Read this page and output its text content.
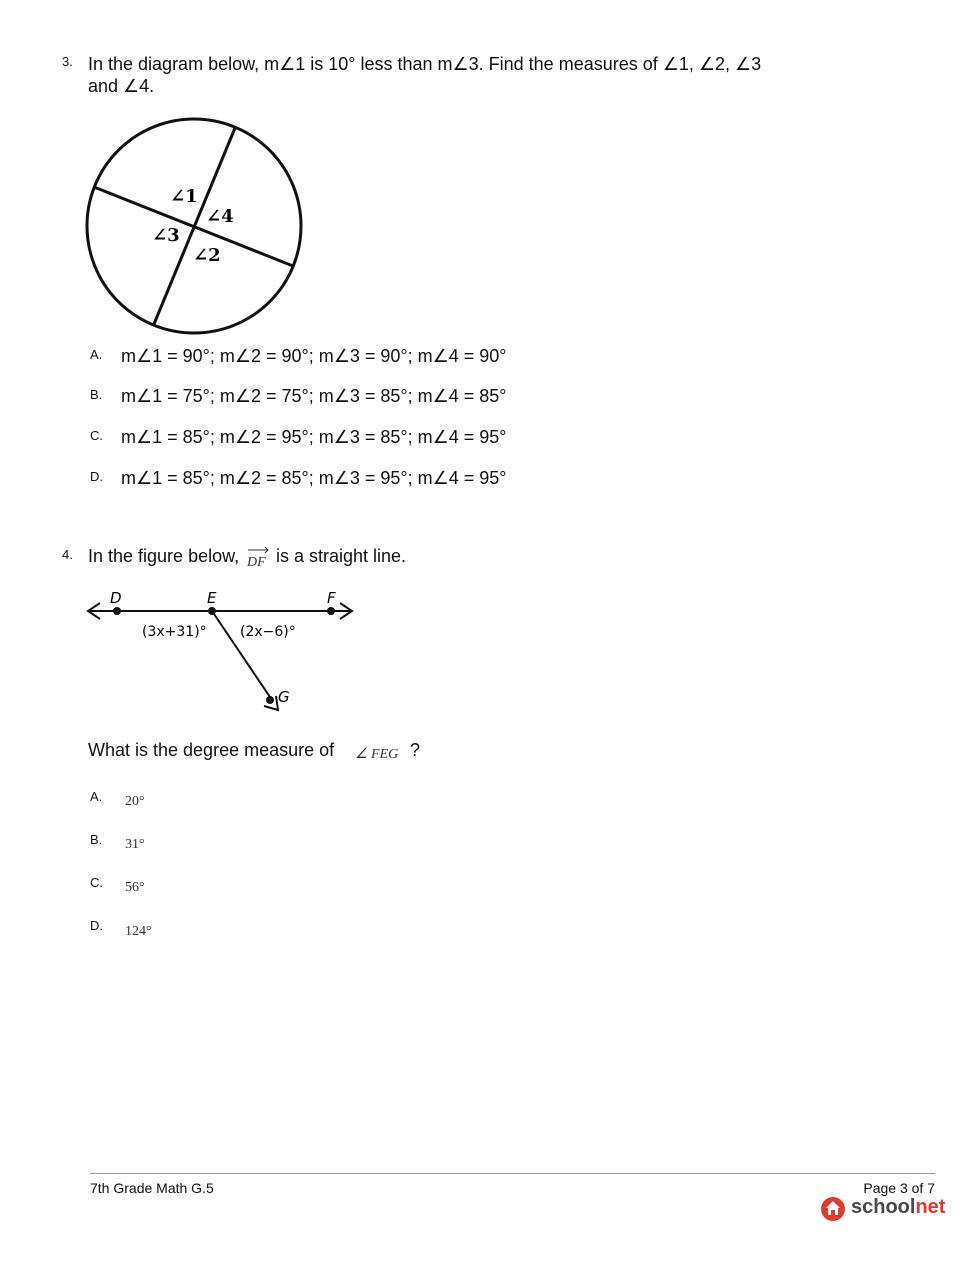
3. In the diagram below, m∠1 is 10° less than m∠3. Find the measures of ∠1, ∠2, ∠3
and ∠4.
∠1
∠4
∠3
∠2
A. m∠1 = 90°; m∠2 = 90°; m∠3 = 90°; m∠4 = 90°
B. m∠1 = 75°; m∠2 = 75°; m∠3 = 85°; m∠4 = 85°
C. m∠1 = 85°; m∠2 = 95°; m∠3 = 85°; m∠4 = 95°
D. m∠1 = 85°; m∠2 = 85°; m∠3 = 95°; m∠4 = 95°
4. In the figure below, DF is a straight line.
D	E	F
G
(3x+31)° (2x−6)°
What is the degree measure of ∠ FEG ?
A. 20°
B. 31°
C. 56°
D. 124°
7th Grade Math G.5	Page 3 of 7
schoolnet
